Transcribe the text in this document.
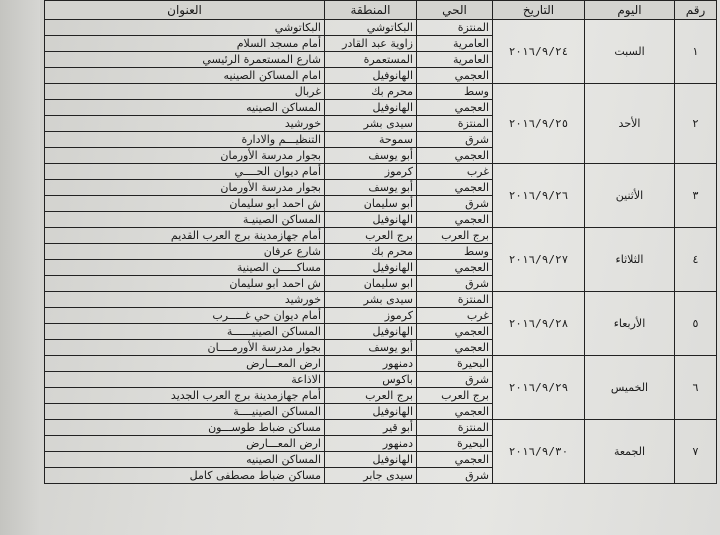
رقم	اليوم	التاريخ	الحي	المنطقة	العنوان
١	السبت	٢٠١٦/٩/٢٤	المنتزة	البكاتوشي	البكاتوشي
			العامرية	زاوية عبد القادر	أمام مسجد السلام
			العامرية	المستعمرة	شارع المستعمرة الرئيسي
			العجمي	الهانوفيل	امام المساكن الصينيه
٢	الأحد	٢٠١٦/٩/٢٥	وسط	محرم بك	غربال
			العجمي	الهانوفيل	المساكن الصينيه
			المنتزة	سيدى بشر	خورشيد
			شرق	سموحة	التنظيـــم والادارة
			العجمي	أبو يوسف	بجوار مدرسة الأورمان
٣	الأثنين	٢٠١٦/٩/٢٦	غرب	كرموز	أمام ديوان الحــــي
			العجمي	أبو يوسف	بجوار مدرسة الأورمان
			شرق	أبو سليمان	ش احمد ابو سليمان
			العجمي	الهانوفيل	المساكن الصينيـة
٤	الثلاثاء	٢٠١٦/٩/٢٧	برج العرب	برج العرب	أمام جهازمدينة برج العرب القديم
			وسط	محرم بك	شارع عرفان
			العجمي	الهانوفيل	مساكـــــن الصينية
			شرق	ابو سليمان	ش احمد ابو سليمان
٥	الأربعاء	٢٠١٦/٩/٢٨	المنتزة	سيدى بشر	خورشيد
			غرب	كرموز	أمام ديوان حي غـــــرب
			العجمي	الهانوفيل	المساكن الصينيــــــة
			العجمي	أبو يوسف	بجوار مدرسة الأورمــــان
٦	الخميس	٢٠١٦/٩/٢٩	البحيرة	دمنهور	ارض المعـــارض
			شرق	باكوس	الاذاعة
			برج العرب	برج العرب	أمام جهازمدينة برج العرب الجديد
			العجمي	الهانوفيل	المساكن الصينيــــة
٧	الجمعة	٢٠١٦/٩/٣٠	المنتزة	أبو قير	مساكن ضباط طوســـون
			البحيرة	دمنهور	ارض المعـــارض
			العجمي	الهانوفيل	المساكن الصينيه
			شرق	سيدى جابر	مساكن ضباط مصطفى كامل
